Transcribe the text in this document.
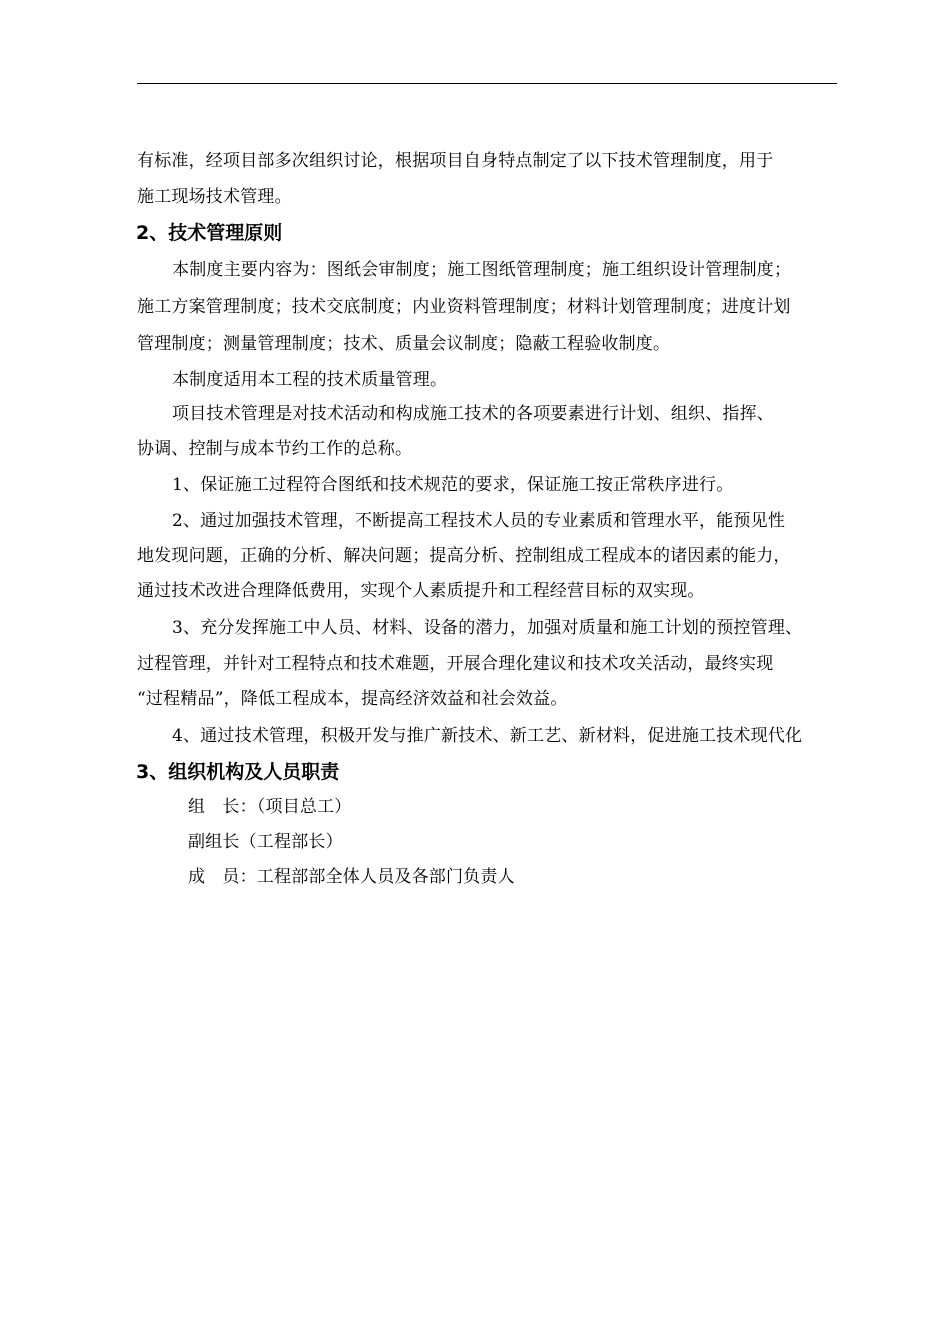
有标准，经项目部多次组织讨论，根据项目自身特点制定了以下技术管理制度，用于
施工现场技术管理。
2、技术管理原则
本制度主要内容为：图纸会审制度；施工图纸管理制度；施工组织设计管理制度；
施工方案管理制度；技术交底制度；内业资料管理制度；材料计划管理制度；进度计划
管理制度；测量管理制度；技术、质量会议制度；隐蔽工程验收制度。
本制度适用本工程的技术质量管理。
项目技术管理是对技术活动和构成施工技术的各项要素进行计划、组织、指挥、
协调、控制与成本节约工作的总称。
1、保证施工过程符合图纸和技术规范的要求，保证施工按正常秩序进行。
2、通过加强技术管理，不断提高工程技术人员的专业素质和管理水平，能预见性
地发现问题，正确的分析、解决问题；提高分析、控制组成工程成本的诸因素的能力，
通过技术改进合理降低费用，实现个人素质提升和工程经营目标的双实现。
3、充分发挥施工中人员、材料、设备的潜力，加强对质量和施工计划的预控管理、
过程管理，并针对工程特点和技术难题，开展合理化建议和技术攻关活动，最终实现
“过程精品”，降低工程成本，提高经济效益和社会效益。
4、通过技术管理，积极开发与推广新技术、新工艺、新材料，促进施工技术现代化
3、组织机构及人员职责
组　长：（项目总工）
副组长（工程部长）
成　员：工程部部全体人员及各部门负责人
